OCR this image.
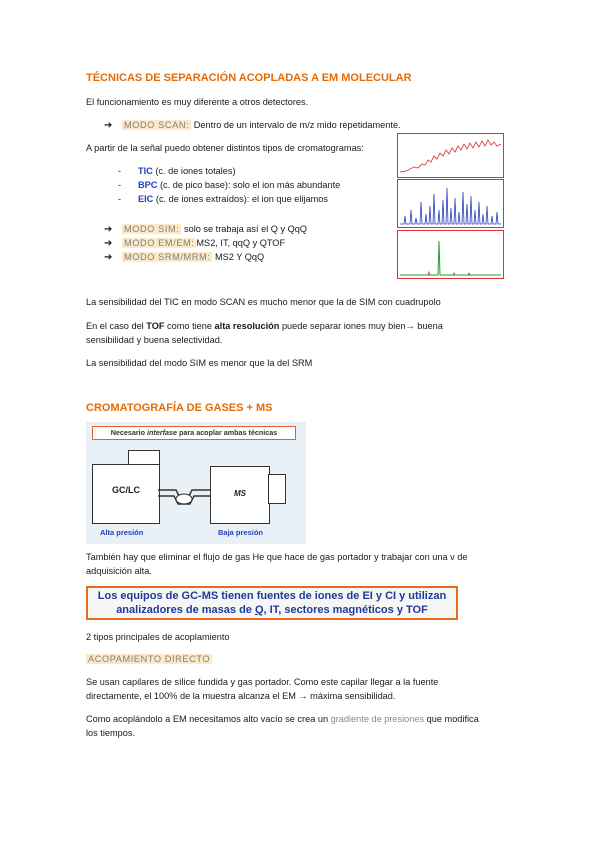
TÉCNICAS DE SEPARACIÓN ACOPLADAS A EM MOLECULAR
El funcionamiento es muy diferente a otros detectores.
➔ MODO SCAN: Dentro de un intervalo de m/z mido repetidamente.
A partir de la señal puedo obtener distintos tipos de cromatogramas:
- TIC (c. de iones totales)
- BPC (c. de pico base): solo el ion más abundante
- EIC (c. de iones extraídos): el ion que elijamos
➔ MODO SIM: solo se trabaja así el Q y QqQ
➔ MODO EM/EM: MS2, IT, qqQ y QTOF
➔ MODO SRM/MRM: MS2 Y QqQ
La sensibilidad del TIC en modo SCAN es mucho menor que la de SIM con cuadrupolo
En el caso del TOF como tiene alta resolución puede separar iones muy bien→ buena
sensibilidad y buena selectividad.
La sensibilidad del modo SIM es menor que la del SRM
CROMATOGRAFÍA DE GASES + MS
Necesario interfase para acoplar ambas técnicas
GC/LC	MS
Alta presión	Baja presión
También hay que eliminar el flujo de gas He que hace de gas portador y trabajar con una v de
adquisición alta.
Los equipos de GC-MS tienen fuentes de iones de EI y CI y utilizan
analizadores de masas de Q, IT, sectores magnéticos y TOF
2 tipos principales de acoplamiento
ACOPAMIENTO DIRECTO
Se usan capilares de sílice fundida y gas portador. Como este capilar llegar a la fuente
directamente, el 100% de la muestra alcanza el EM → máxima sensibilidad.
Como acoplándolo a EM necesitamos alto vacío se crea un gradiente de presiones que modifica
los tiempos.
